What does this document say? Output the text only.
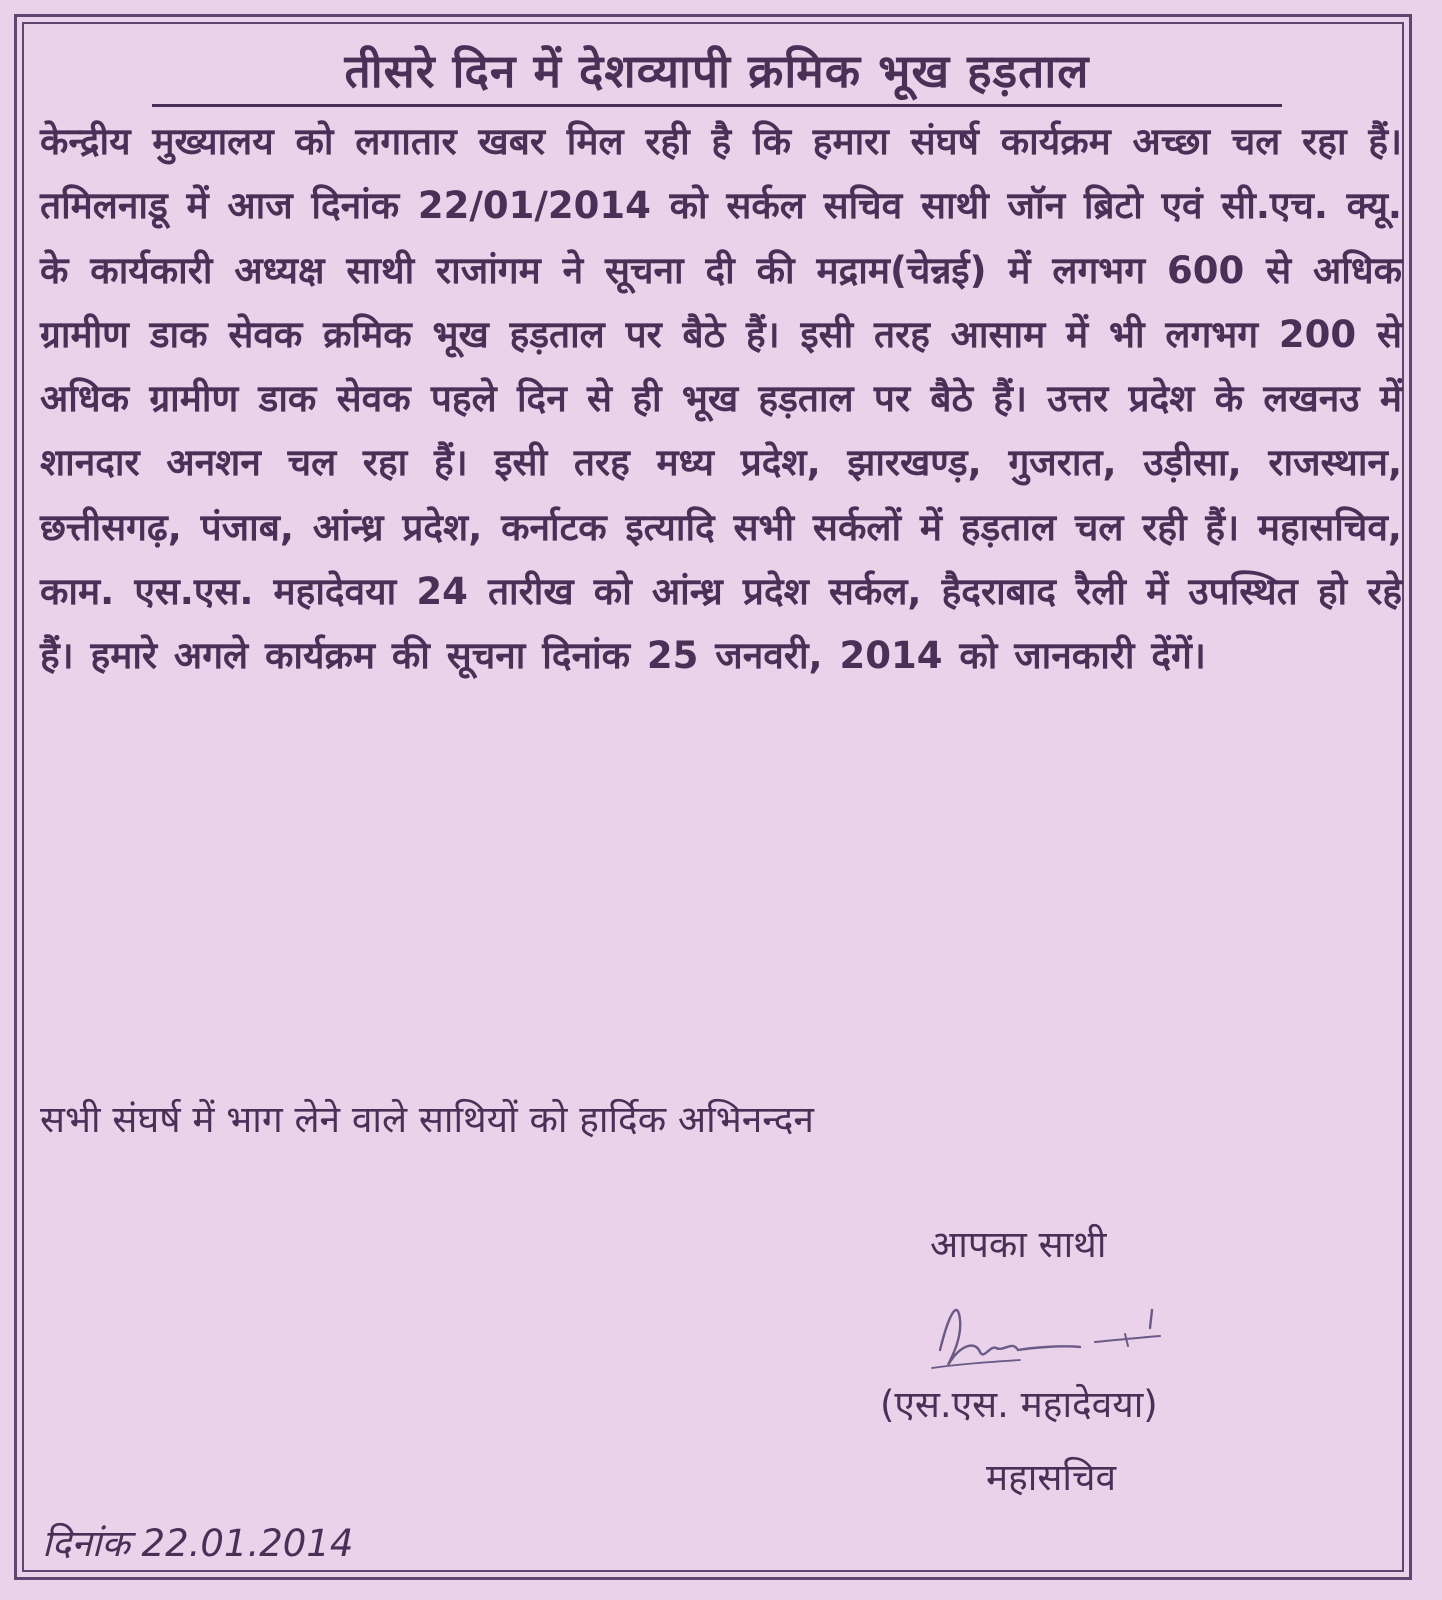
तीसरे दिन में देशव्यापी क्रमिक भूख हड़ताल

केन्द्रीय मुख्यालय को लगातार खबर मिल रही है कि हमारा संघर्ष कार्यक्रम अच्छा चल रहा हैं। तमिलनाडू में आज दिनांक 22/01/2014 को सर्कल सचिव साथी जॉन ब्रिटो एवं सी.एच. क्यू. के कार्यकारी अध्यक्ष साथी राजांगम ने सूचना दी की मद्राम(चेन्नई) में लगभग 600 से अधिक ग्रामीण डाक सेवक क्रमिक भूख हड़ताल पर बैठे हैं। इसी तरह आसाम में भी लगभग 200 से अधिक ग्रामीण डाक सेवक पहले दिन से ही भूख हड़ताल पर बैठे हैं। उत्तर प्रदेश के लखनउ में शानदार अनशन चल रहा हैं। इसी तरह मध्य प्रदेश, झारखण्ड़, गुजरात, उड़ीसा, राजस्थान, छत्तीसगढ़, पंजाब, आंन्ध्र प्रदेश, कर्नाटक इत्यादि सभी सर्कलों में हड़ताल चल रही हैं। महासचिव, काम. एस.एस. महादेवया 24 तारीख को आंन्ध्र प्रदेश सर्कल, हैदराबाद रैली में उपस्थित हो रहे हैं। हमारे अगले कार्यक्रम की सूचना दिनांक 25 जनवरी, 2014 को जानकारी देंगें।

सभी संघर्ष में भाग लेने वाले साथियों को हार्दिक अभिनन्दन

आपका साथी

(एस.एस. महादेवया)

महासचिव

दिनांक 22.01.2014
